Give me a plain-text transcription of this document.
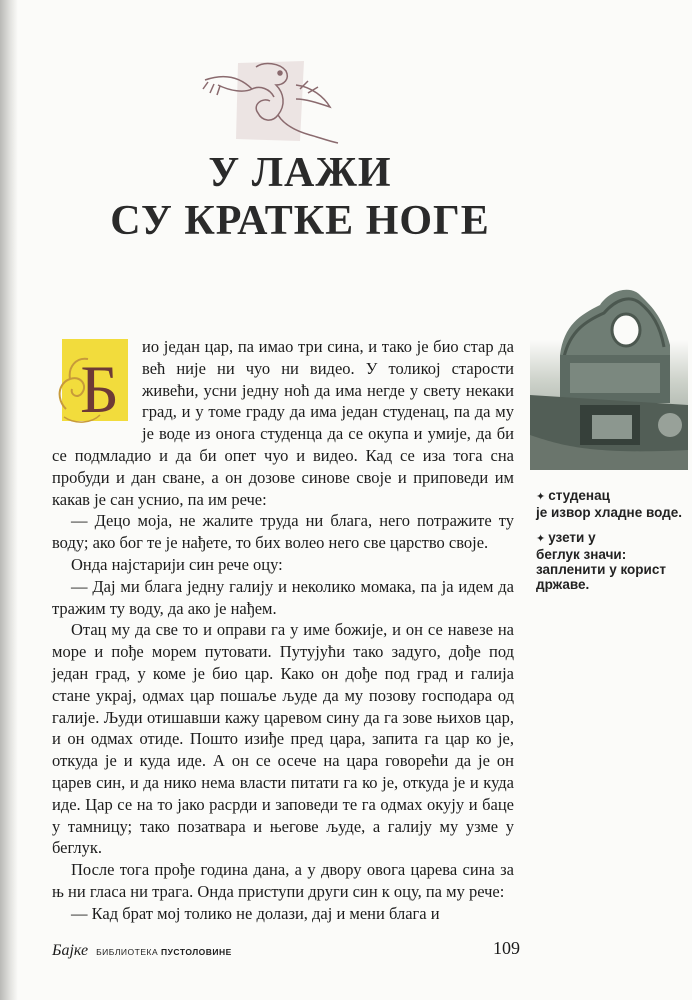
У ЛАЖИ
СУ КРАТКЕ НОГЕ
✦ студенац
је извор хладне воде.
✦ узети у
беглук значи: запленити у корист државе.
Б

ио један цар, па имао три сина, и тако је био стар да већ није ни чуо ни видео. У толикој старости живећи, усни једну ноћ да има негде у свету некаки град, и у томе граду да има један студенац, па да му је воде из онога студенца да се окупа и умије, да би се подмладио и да би опет чуо и видео. Кад се иза тога сна пробуди и дан сване, а он дозове синове своје и приповеди им какав је сан уснио, па им рече:

— Децо моја, не жалите труда ни блага, него потражите ту воду; ако бог те је нађете, то бих волео него све царство своје.

Онда најстарији син рече оцу:

— Дај ми блага једну галију и неколико момака, па ја идем да тражим ту воду, да ако је нађем.

Отац му да све то и оправи га у име божије, и он се навезе на море и пође морем путовати. Путујући тако задуго, дође под један град, у коме је био цар. Како он дође под град и галија стане украј, одмах цар пошаље људе да му позову господара од галије. Људи отишавши кажу царевом сину да га зове њихов цар, и он одмах отиде. Пошто изиђе пред цара, запита га цар ко је, откуда је и куда иде. А он се осече на цара говорећи да је он царев син, и да нико нема власти питати га ко је, откуда је и куда иде. Цар се на то јако расрди и заповеди те га одмах окују и баце у тамницу; тако позатвара и његове људе, а галију му узме у беглук.

После тога прође година дана, а у двору овога царева сина за њ ни гласа ни трага. Онда приступи други син к оцу, па му рече:

— Кад брат мој толико не долази, дај и мени блага и

Бајке БИБЛИОТЕКА ПУСТОЛОВИНЕ	109
